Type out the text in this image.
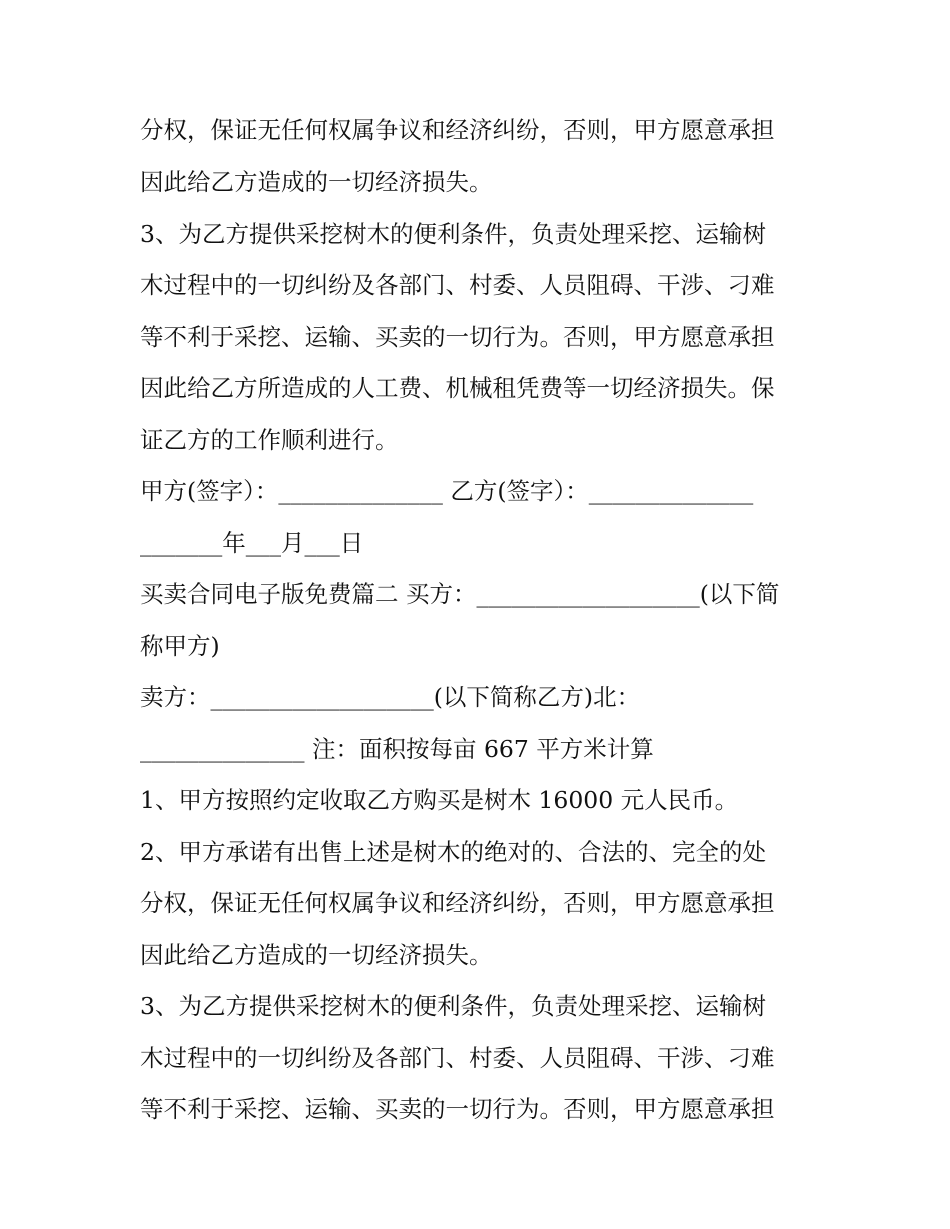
分权，保证无任何权属争议和经济纠纷，否则，甲方愿意承担
因此给乙方造成的一切经济损失。
3、为乙方提供采挖树木的便利条件，负责处理采挖、运输树
木过程中的一切纠纷及各部门、村委、人员阻碍、干涉、刁难
等不利于采挖、运输、买卖的一切行为。否则，甲方愿意承担
因此给乙方所造成的人工费、机械租凭费等一切经济损失。保
证乙方的工作顺利进行。
甲方(签字）：______________ 乙方(签字）：______________
_______年___月___日
买卖合同电子版免费篇二 买方：___________________(以下简
称甲方)
卖方：___________________(以下简称乙方)北：
______________ 注：面积按每亩 667 平方米计算
1、甲方按照约定收取乙方购买是树木 16000 元人民币。
2、甲方承诺有出售上述是树木的绝对的、合法的、完全的处
分权，保证无任何权属争议和经济纠纷，否则，甲方愿意承担
因此给乙方造成的一切经济损失。
3、为乙方提供采挖树木的便利条件，负责处理采挖、运输树
木过程中的一切纠纷及各部门、村委、人员阻碍、干涉、刁难
等不利于采挖、运输、买卖的一切行为。否则，甲方愿意承担
